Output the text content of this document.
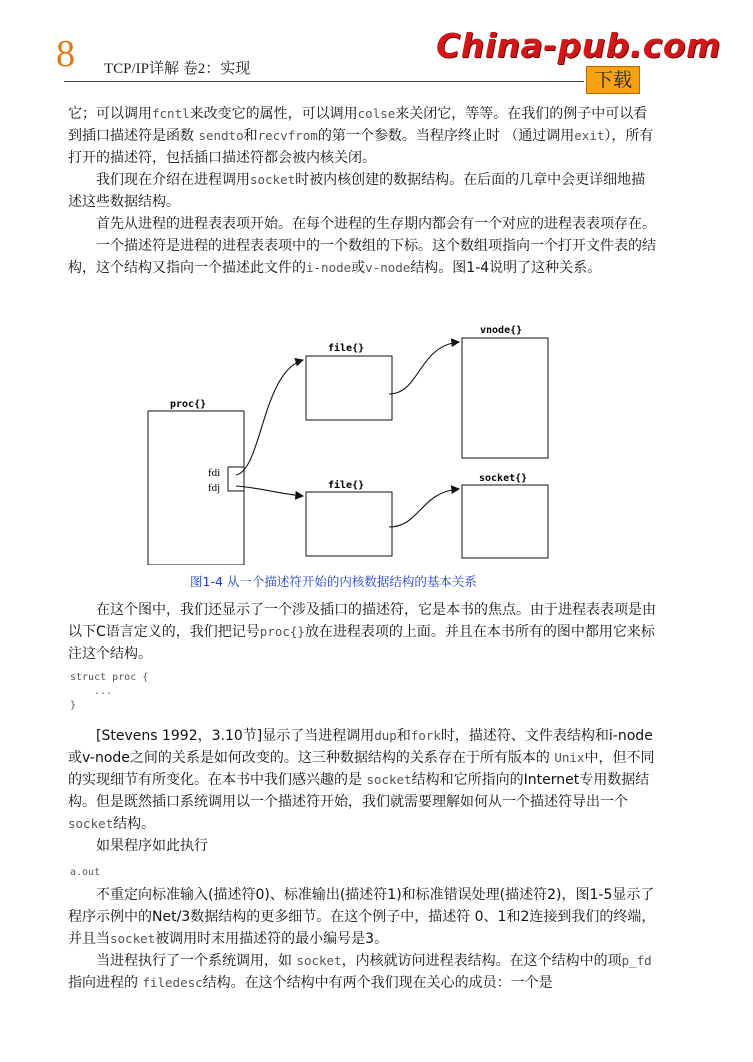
8 TCP/IP详解 卷2：实现
China-pub.com
下载

它；可以调用fcntl来改变它的属性，可以调用colse来关闭它，等等。在我们的例子中可以看到插口描述符是函数 sendto和recvfrom的第一个参数。当程序终止时 （通过调用exit），所有打开的描述符，包括插口描述符都会被内核关闭。

我们现在介绍在进程调用socket时被内核创建的数据结构。在后面的几章中会更详细地描述这些数据结构。

首先从进程的进程表表项开始。在每个进程的生存期内都会有一个对应的进程表表项存在。

一个描述符是进程的进程表表项中的一个数组的下标。这个数组项指向一个打开文件表的结构，这个结构又指向一个描述此文件的i-node或v-node结构。图1-4说明了这种关系。

proc{}
fdi
fdj
file{}
vnode{}
file{}
socket{}
图1-4 从一个描述符开始的内核数据结构的基本关系

在这个图中，我们还显示了一个涉及插口的描述符，它是本书的焦点。由于进程表表项是由以下C语言定义的，我们把记号proc{}放在进程表项的上面。并且在本书所有的图中都用它来标注这个结构。

struct proc {
...
}

[Stevens 1992，3.10节]显示了当进程调用dup和fork时，描述符、文件表结构和i-node或v-node之间的关系是如何改变的。这三种数据结构的关系存在于所有版本的 Unix中，但不同的实现细节有所变化。在本书中我们感兴趣的是 socket结构和它所指向的Internet专用数据结构。但是既然插口系统调用以一个描述符开始，我们就需要理解如何从一个描述符导出一个socket结构。

如果程序如此执行

a.out

不重定向标准输入(描述符0)、标准输出(描述符1)和标准错误处理(描述符2)，图1-5显示了程序示例中的Net/3数据结构的更多细节。在这个例子中，描述符 0、1和2连接到我们的终端，并且当socket被调用时末用描述符的最小编号是3。

当进程执行了一个系统调用，如 socket，内核就访问进程表结构。在这个结构中的项p_fd指向进程的 filedesc结构。在这个结构中有两个我们现在关心的成员：一个是
